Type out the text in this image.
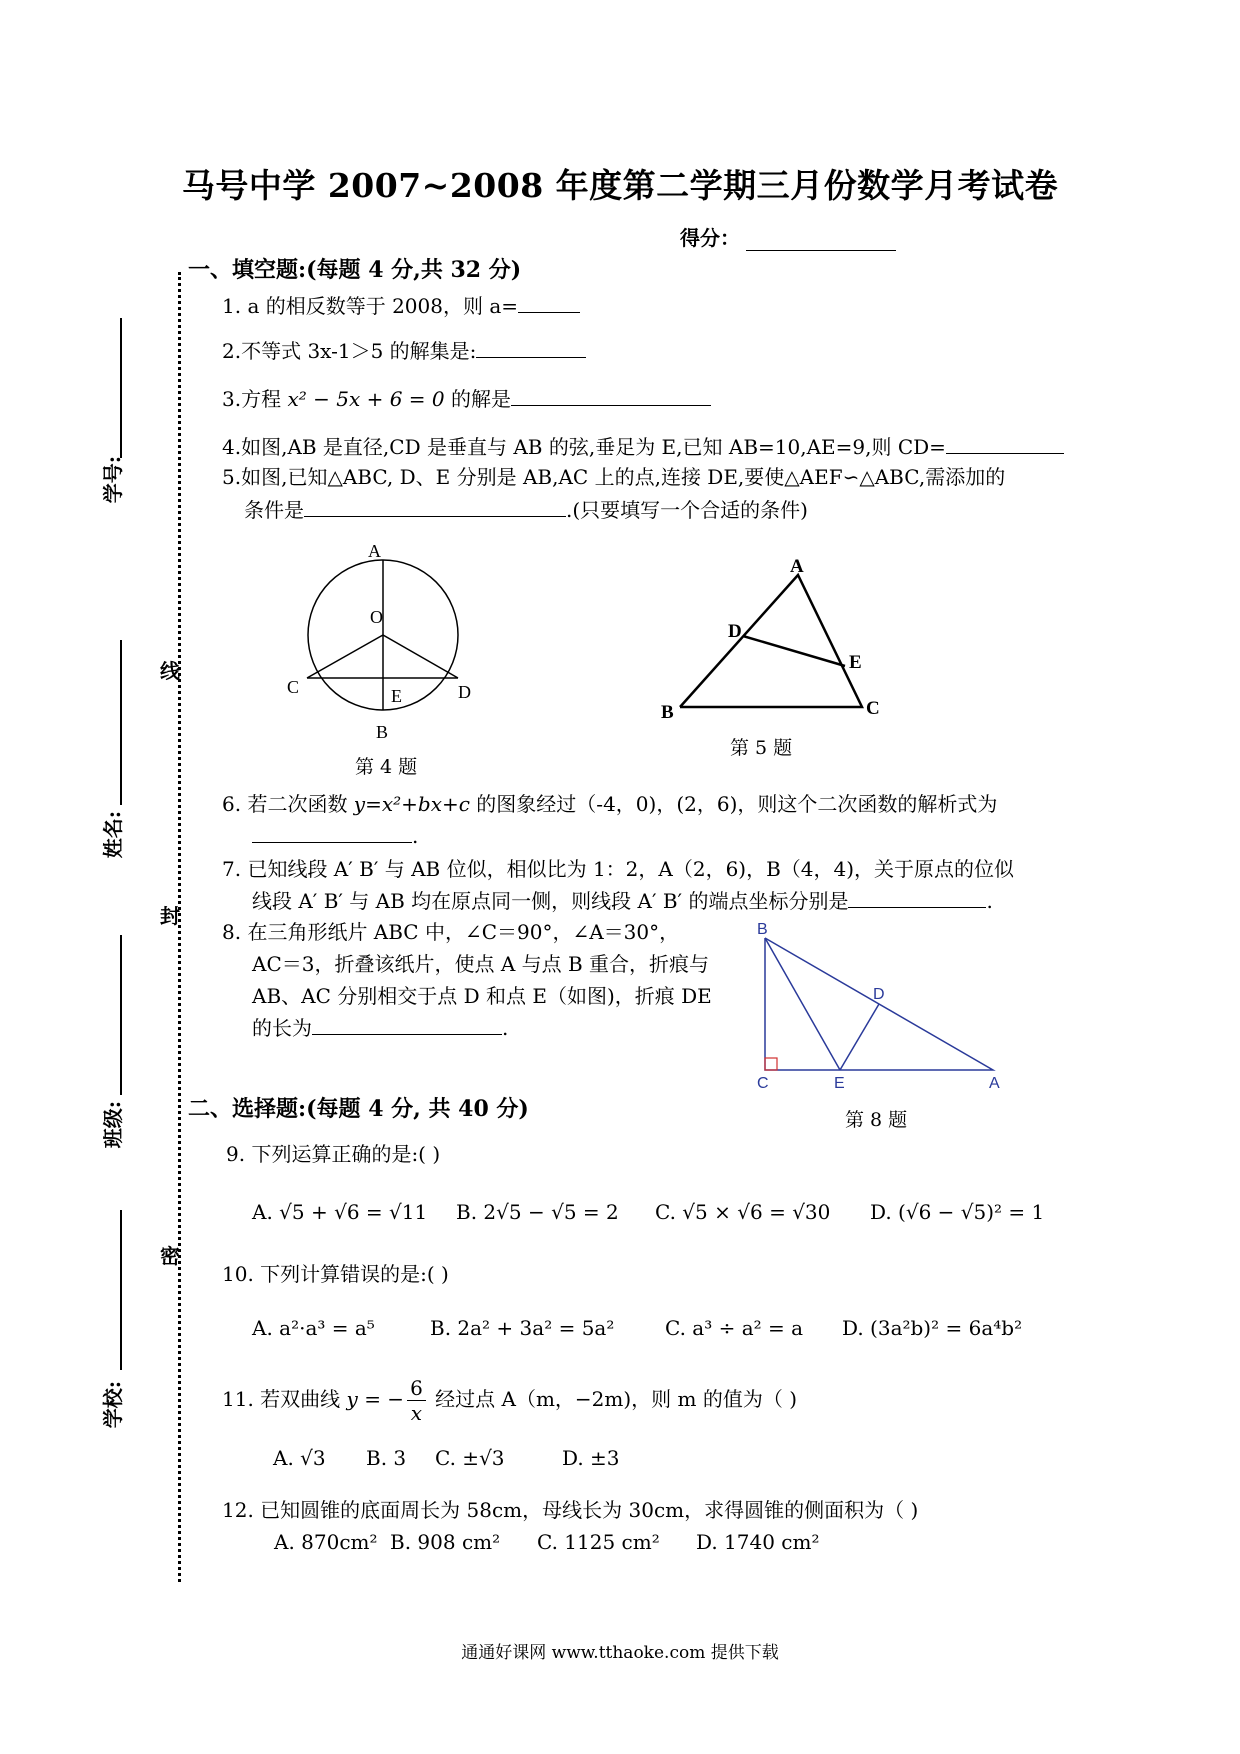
马号中学 2007~2008 年度第二学期三月份数学月考试卷
得分：
学号:
姓名:
班级:
学校:
线
封
密
一、填空题:(每题 4 分,共 32 分)
1. a 的相反数等于 2008，则 a=
2.不等式 3x-1＞5 的解集是:
3.方程 x² − 5x + 6 = 0 的解是
4.如图,AB 是直径,CD 是垂直与 AB 的弦,垂足为 E,已知 AB=10,AE=9,则 CD=
5.如图,已知△ABC, D、E 分别是 AB,AC 上的点,连接 DE,要使△AEF∽△ABC,需添加的
条件是	.(只要填写一个合适的条件)
A
O
C	E	D
B
第 4 题
A
D
E
B	C
第 5 题
6. 若二次函数 y=x²+bx+c 的图象经过（-4，0)，(2，6)，则这个二次函数的解析式为
.
7. 已知线段 A′ B′ 与 AB 位似，相似比为 1：2，A（2，6)，B（4，4)，关于原点的位似
线段 A′ B′ 与 AB 均在原点同一侧，则线段 A′ B′ 的端点坐标分别是	.
8. 在三角形纸片 ABC 中，∠C＝90°，∠A＝30°，
AC＝3，折叠该纸片，使点 A 与点 B 重合，折痕与
AB、AC 分别相交于点 D 和点 E（如图)，折痕 DE
的长为	.
B
D
C	E	A
第 8 题
二、选择题:(每题 4 分, 共 40 分)
9. 下列运算正确的是:( )
A. √5 + √6 = √11 B. 2√5 − √5 = 2 C. √5 × √6 = √30 D. (√6 − √5)² = 1
10. 下列计算错误的是:( )
A. a²·a³ = a⁵	B. 2a² + 3a² = 5a²	C. a³ ÷ a² = a D. (3a²b)² = 6a⁴b²
11. 若双曲线 y = − $\frac{6}{x}$ 经过点 A（m，−2m)，则 m 的值为（ )
A. √3 B. 3 C. ±√3	D. ±3
12. 已知圆锥的底面周长为 58cm，母线长为 30cm，求得圆锥的侧面积为（ )
A. 870cm² B. 908 cm² C. 1125 cm² D. 1740 cm²
通通好课网 www.tthaoke.com 提供下载
